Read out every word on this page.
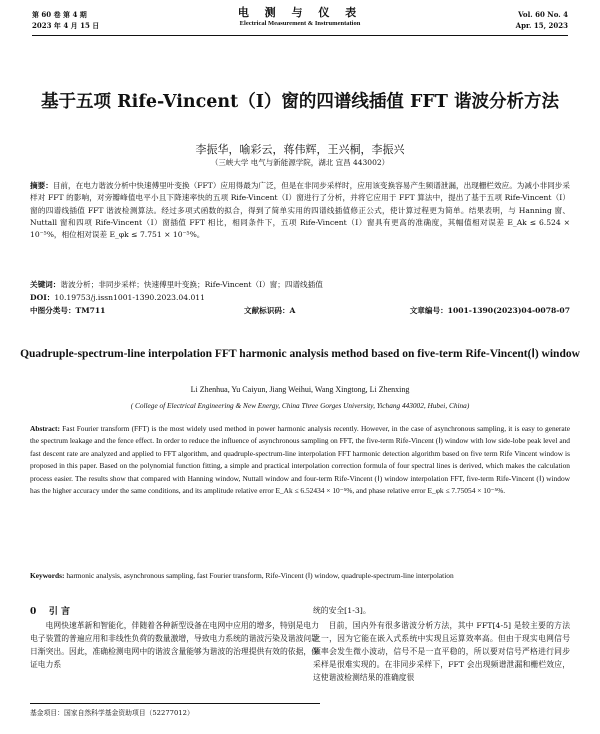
第 60 卷 第 4 期
2023 年 4 月 15 日
电 测 与 仪 表
Electrical Measurement & Instrumentation
Vol. 60 No. 4
Apr. 15, 2023
基于五项 Rife-Vincent（Ⅰ）窗的四谱线插值 FFT 谐波分析方法
李振华，喻彩云，蒋伟辉，王兴桐，李振兴
（三峡大学 电气与新能源学院，湖北 宜昌 443002）
摘要：目前，在电力谐波分析中快速傅里叶变换（FFT）应用得最为广泛，但是在非同步采样时，应用该变换容易产生频谱泄漏，出现栅栏效应。为减小非同步采样对 FFT 的影响，对旁瓣峰值电平小且下降速率快的五项 Rife-Vincent（Ⅰ）窗进行了分析，并将它应用于 FFT 算法中，提出了基于五项 Rife-Vincent（Ⅰ）窗的四谱线插值 FFT 谐波检测算法。经过多项式函数的拟合，得到了简单实用的四谱线插值修正公式，使计算过程更为简单。结果表明，与 Hanning 窗、Nuttall 窗和四项 Rife-Vincent（Ⅰ）窗插值 FFT 相比，相同条件下，五项 Rife-Vincent（Ⅰ）窗具有更高的准确度，其幅值相对误差 E_Ak ≤ 6.524 × 10⁻⁵%，相位相对误差 E_φk ≤ 7.751 × 10⁻⁵%。
关键词：谐波分析；非同步采样；快速傅里叶变换；Rife-Vincent（Ⅰ）窗；四谱线插值
DOI：10.19753/j.issn1001-1390.2023.04.011
中图分类号：TM711	文献标识码：A	文章编号：1001-1390(2023)04-0078-07
Quadruple-spectrum-line interpolation FFT harmonic analysis method based on five-term Rife-Vincent(Ⅰ) window
Li Zhenhua, Yu Caiyun, Jiang Weihui, Wang Xingtong, Li Zhenxing
( College of Electrical Engineering & New Energy, China Three Gorges University, Yichang 443002, Hubei, China)
Abstract: Fast Fourier transform (FFT) is the most widely used method in power harmonic analysis recently. However, in the case of asynchronous sampling, it is easy to generate the spectrum leakage and the fence effect. In order to reduce the influence of asynchronous sampling on FFT, the five-term Rife-Vincent (Ⅰ) window with low side-lobe peak level and fast descent rate are analyzed and applied to FFT algorithm, and quadruple-spectrum-line interpolation FFT harmonic detection algorithm based on five term Rife Vincent window is proposed in this paper. Based on the polynomial function fitting, a simple and practical interpolation correction formula of four spectral lines is derived, which makes the calculation process easier. The results show that compared with Hanning window, Nuttall window and four-term Rife-Vincent (Ⅰ) window interpolation FFT, five-term Rife-Vincent (Ⅰ) window has the higher accuracy under the same conditions, and its amplitude relative error E_Ak ≤ 6.52434 × 10⁻⁵%, and phase relative error E_φk ≤ 7.75054 × 10⁻⁵%.
Keywords: harmonic analysis, asynchronous sampling, fast Fourier transform, Rife-Vincent (Ⅰ) window, quadruple-spectrum-line interpolation
0 引 言
电网快速革新和智能化，伴随着各种新型设备在电网中应用的增多，特别是电力电子装置的普遍应用和非线性负荷的数量激增，导致电力系统的谐波污染及谐波问题日渐突出。因此，准确检测电网中的谐波含量能够为谐波的治理提供有效的依据，保证电力系
统的安全[1-3]。
目前，国内外有很多谐波分析方法，其中 FFT[4-5] 是较主要的方法之一，因为它能在嵌入式系统中实现且运算效率高。但由于现实电网信号频率会发生微小波动，信号不是一直平稳的，所以要对信号严格进行同步采样是很难实现的。在非同步采样下，FFT 会出现频谱泄漏和栅栏效应，这使谐波检测结果的准确度很
基金项目：国家自然科学基金资助项目（52277012）
